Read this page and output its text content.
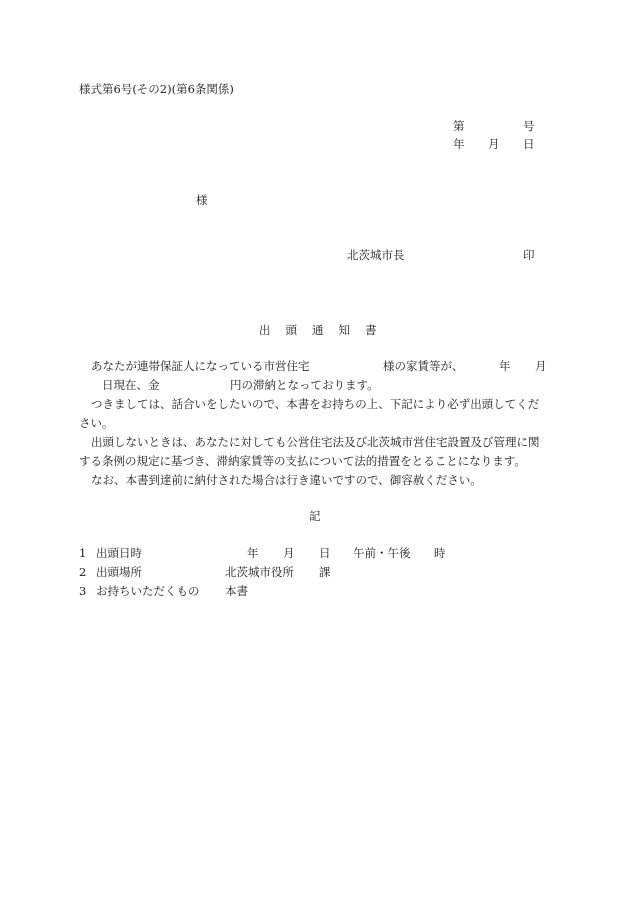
様式第6号(その2)(第6条関係)
第	号
年 月 日
様
北茨城市長	印
出 頭 通 知 書
あなたが連帯保証人になっている市営住宅	様の家賃等が、	年 月
日現在、金	円の滞納となっております。

つきましては、話合いをしたいので、本書をお持ちの上、下記により必ず出頭してください。

出頭しないときは、あなたに対しても公営住宅法及び北茨城市営住宅設置及び管理に関する条例の規定に基づき、滞納家賃等の支払について法的措置をとることになります。

なお、本書到達前に納付された場合は行き違いですので、御容赦ください。

記
1 出頭日時	年 月 日 午前・午後 時
2 出頭場所	北茨城市役所 課
3 お持ちいただくもの 本書
